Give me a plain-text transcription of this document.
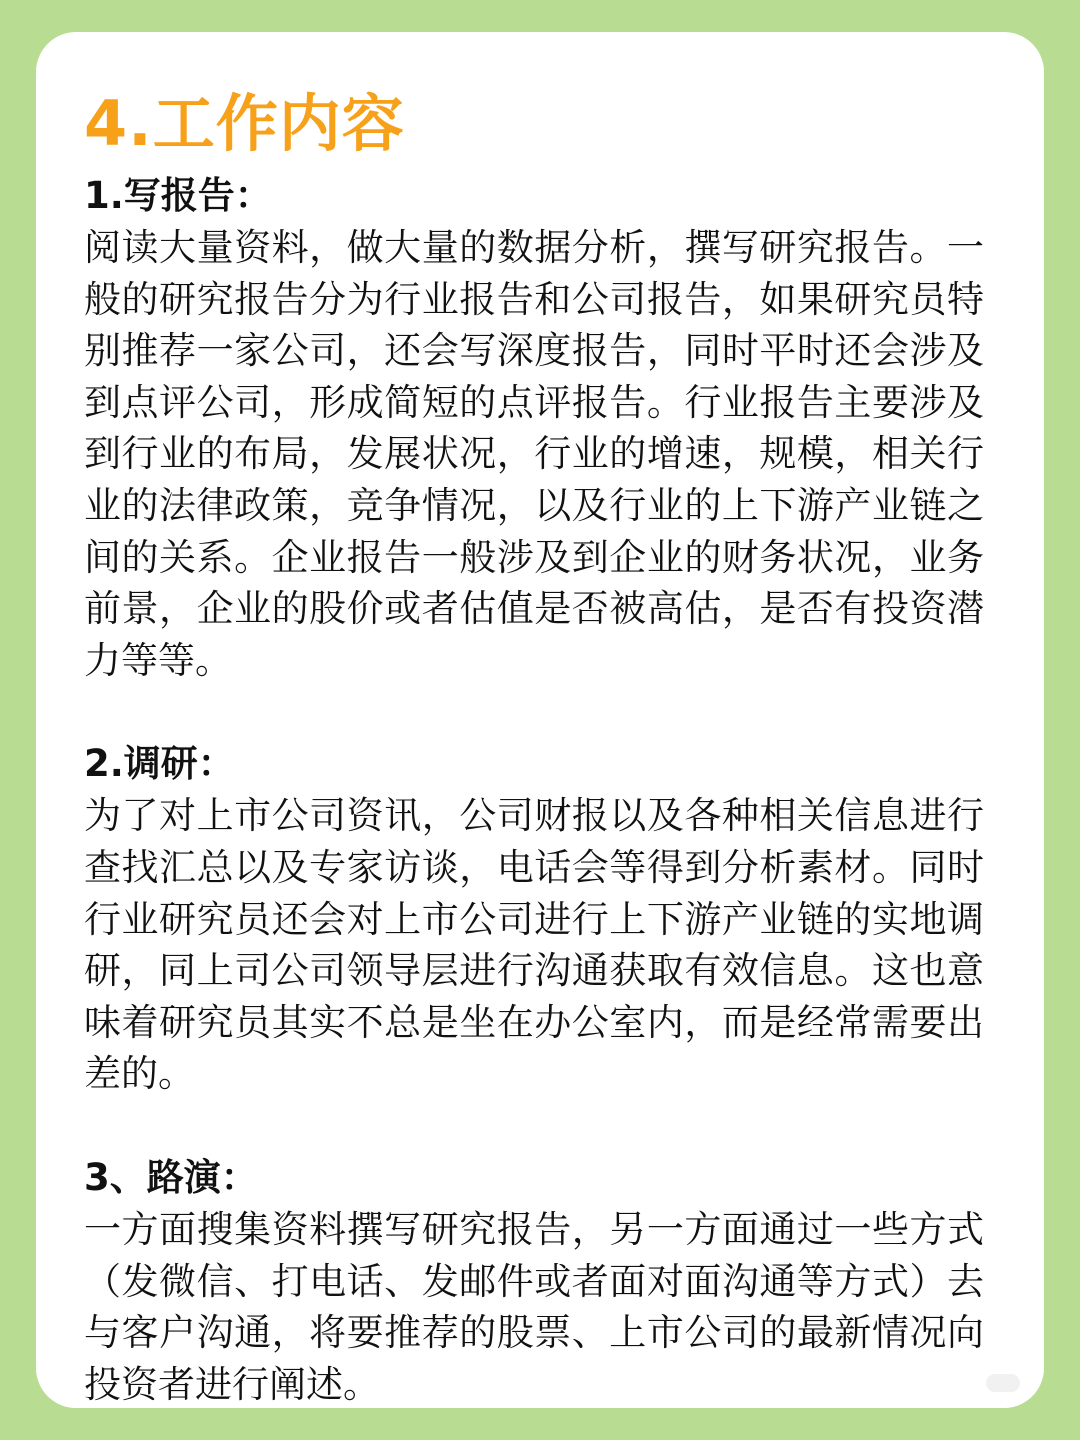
4.工作内容

1.写报告：

阅读大量资料，做大量的数据分析，撰写研究报告。一般的研究报告分为行业报告和公司报告，如果研究员特别推荐一家公司，还会写深度报告，同时平时还会涉及到点评公司，形成简短的点评报告。行业报告主要涉及到行业的布局，发展状况，行业的增速，规模，相关行业的法律政策，竞争情况，以及行业的上下游产业链之间的关系。企业报告一般涉及到企业的财务状况，业务前景，企业的股价或者估值是否被高估，是否有投资潜力等等。

2.调研：

为了对上市公司资讯，公司财报以及各种相关信息进行查找汇总以及专家访谈，电话会等得到分析素材。同时行业研究员还会对上市公司进行上下游产业链的实地调研，同上司公司领导层进行沟通获取有效信息。这也意味着研究员其实不总是坐在办公室内，而是经常需要出差的。

3、路演：

一方面搜集资料撰写研究报告，另一方面通过一些方式（发微信、打电话、发邮件或者面对面沟通等方式）去与客户沟通，将要推荐的股票、上市公司的最新情况向投资者进行阐述。
